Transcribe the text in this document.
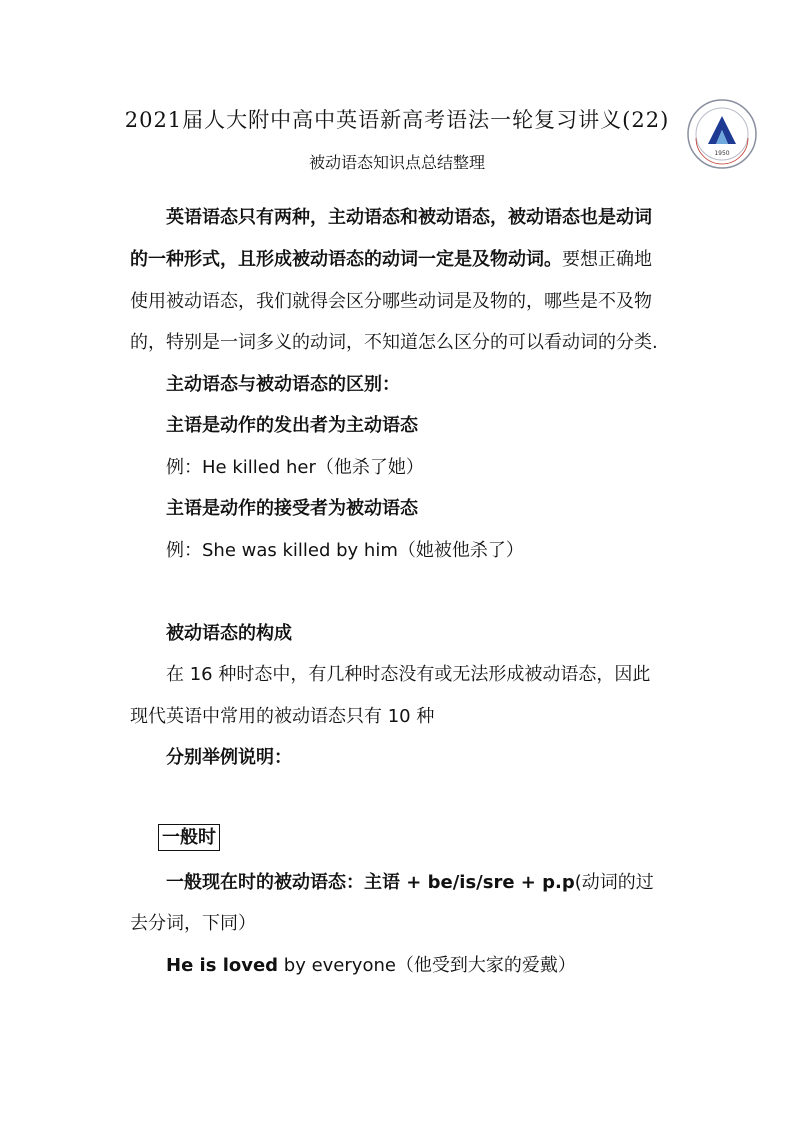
2021届人大附中高中英语新高考语法一轮复习讲义(22)
1950
被动语态知识点总结整理
英语语态只有两种，主动语态和被动语态，被动语态也是动词
的一种形式，且形成被动语态的动词一定是及物动词。要想正确地
使用被动语态，我们就得会区分哪些动词是及物的，哪些是不及物
的，特别是一词多义的动词，不知道怎么区分的可以看动词的分类.
主动语态与被动语态的区别：
主语是动作的发出者为主动语态
例：He killed her（他杀了她）
主语是动作的接受者为被动语态
例：She was killed by him（她被他杀了）
被动语态的构成
在 16 种时态中，有几种时态没有或无法形成被动语态，因此
现代英语中常用的被动语态只有 10 种
分别举例说明：
一般时
一般现在时的被动语态：主语 + be/is/sre + p.p(动词的过
去分词，下同）
He is loved by everyone（他受到大家的爱戴）
